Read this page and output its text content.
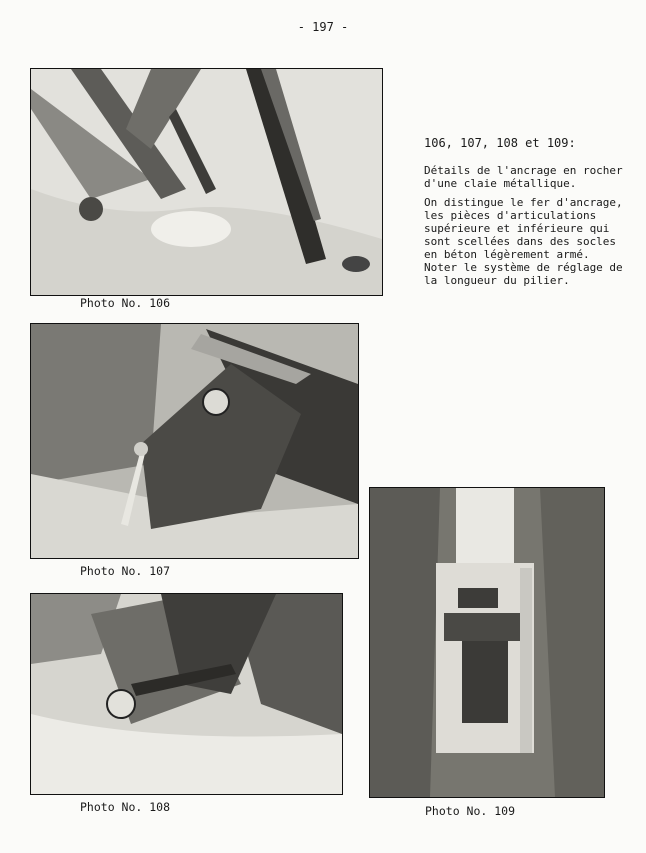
- 197 -
Photo No. 106
Photo No. 107
Photo No. 108	Photo No. 109
106, 107, 108 et 109:

Détails de l'ancrage en rocher d'une claie métallique.

On distingue le fer d'ancrage, les pièces d'articulations supérieure et inférieure qui sont scellées dans des socles en béton légèrement armé. Noter le système de réglage de la longueur du pilier.
